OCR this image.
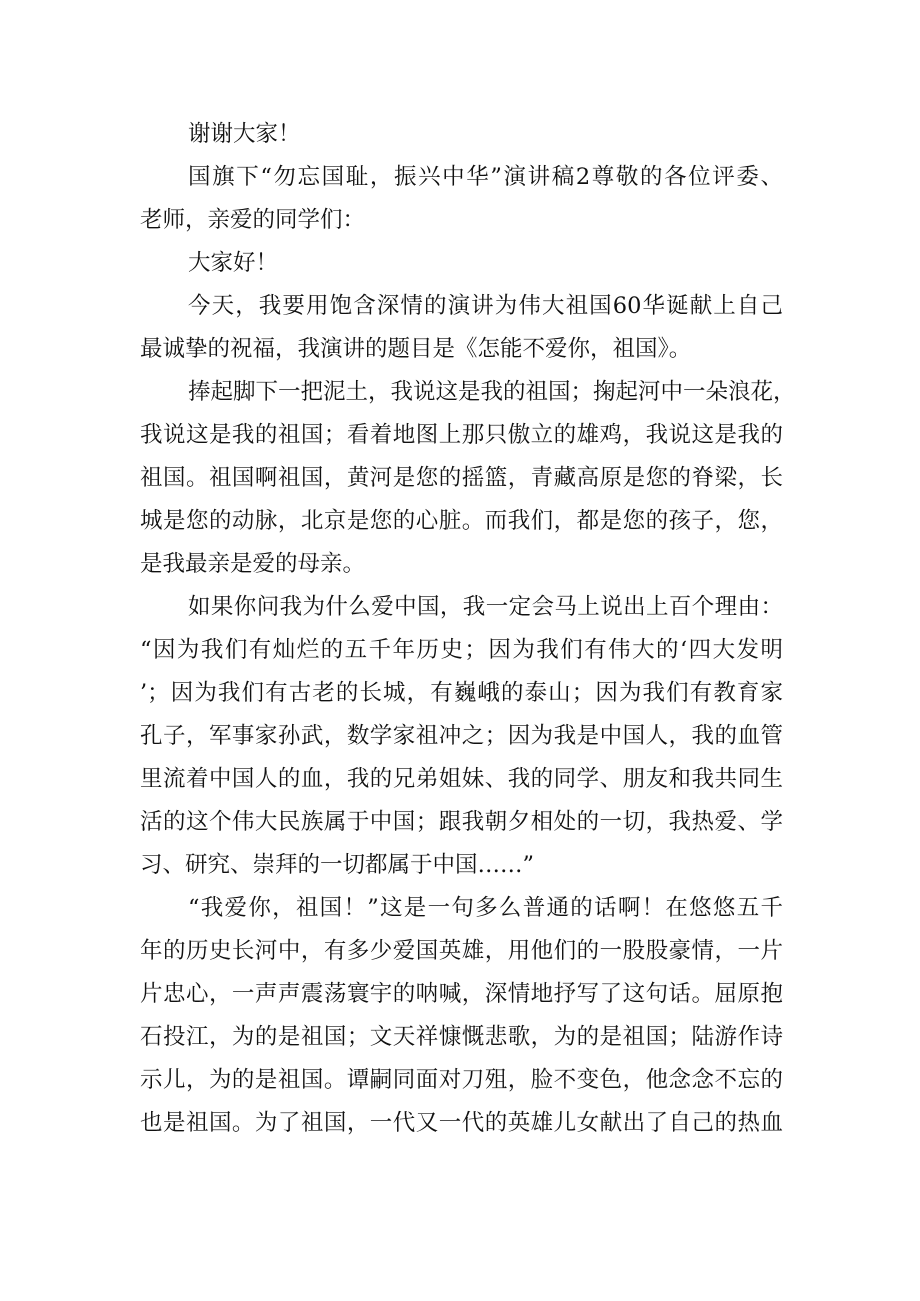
谢谢大家！
国旗下“勿忘国耻，振兴中华”演讲稿2尊敬的各位评委、
老师，亲爱的同学们：
大家好！
今天，我要用饱含深情的演讲为伟大祖国60华诞献上自己
最诚挚的祝福，我演讲的题目是《怎能不爱你，祖国》。
捧起脚下一把泥土，我说这是我的祖国；掬起河中一朵浪花，
我说这是我的祖国；看着地图上那只傲立的雄鸡，我说这是我的
祖国。祖国啊祖国，黄河是您的摇篮，青藏高原是您的脊梁，长
城是您的动脉，北京是您的心脏。而我们，都是您的孩子，您，
是我最亲是爱的母亲。
如果你问我为什么爱中国，我一定会马上说出上百个理由：
“因为我们有灿烂的五千年历史；因为我们有伟大的‘四大发明
’；因为我们有古老的长城，有巍峨的泰山；因为我们有教育家
孔子，军事家孙武，数学家祖冲之；因为我是中国人，我的血管
里流着中国人的血，我的兄弟姐妹、我的同学、朋友和我共同生
活的这个伟大民族属于中国；跟我朝夕相处的一切，我热爱、学
习、研究、崇拜的一切都属于中国……”
“我爱你，祖国！”这是一句多么普通的话啊！在悠悠五千
年的历史长河中，有多少爱国英雄，用他们的一股股豪情，一片
片忠心，一声声震荡寰宇的呐喊，深情地抒写了这句话。屈原抱
石投江，为的是祖国；文天祥慷慨悲歌，为的是祖国；陆游作诗
示儿，为的是祖国。谭嗣同面对刀殂，脸不变色，他念念不忘的
也是祖国。为了祖国，一代又一代的英雄儿女献出了自己的热血
